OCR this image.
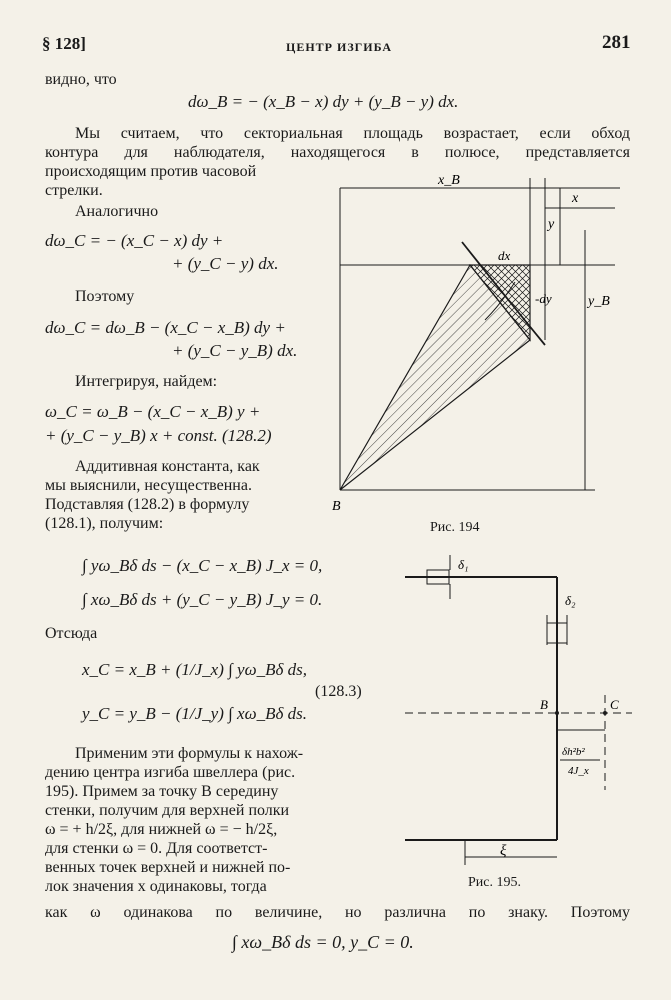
§ 128]	ЦЕНТР ИЗГИБА	281
видно, что
dω_B = − (x_B − x) dy + (y_B − y) dx.
Мы считаем, что секториальная площадь возрастает, если обход
контура для наблюдателя, находящегося в полюсе, представляется
происходящим против часовой
стрелки.
Аналогично
dω_C = − (x_C − x) dy +
+ (y_C − y) dx.
Поэтому
dω_C = dω_B − (x_C − x_B) dy +
+ (y_C − y_B) dx.
Интегрируя, найдем:
ω_C = ω_B − (x_C − x_B) y +
+ (y_C − y_B) x + const. (128.2)
Аддитивная константа, как
мы выяснили, несущественна.
Подставляя (128.2) в формулу
(128.1), получим:
∫ yω_Bδ ds − (x_C − x_B) J_x = 0,
∫ xω_Bδ ds + (y_C − y_B) J_y = 0.
Отсюда
x_C = x_B + (1/J_x) ∫ yω_Bδ ds,
y_C = y_B − (1/J_y) ∫ xω_Bδ ds.
(128.3)
Применим эти формулы к нахож-
дению центра изгиба швеллера (рис.
195). Примем за точку B середину
стенки, получим для верхней полки
ω = + h/2ξ, для нижней ω = − h/2ξ,
для стенки ω = 0. Для соответст-
венных точек верхней и нижней по-
лок значения x одинаковы, тогда
как ω одинакова по величине, но различна по знаку. Поэтому
∫ xω_Bδ ds = 0, y_C = 0.
x_B
x
y
y_B
dx
-dy
B
Рис. 194
δ₁
δ₂
B	C
δh²b²
4J_x
ξ
Рис. 195.
